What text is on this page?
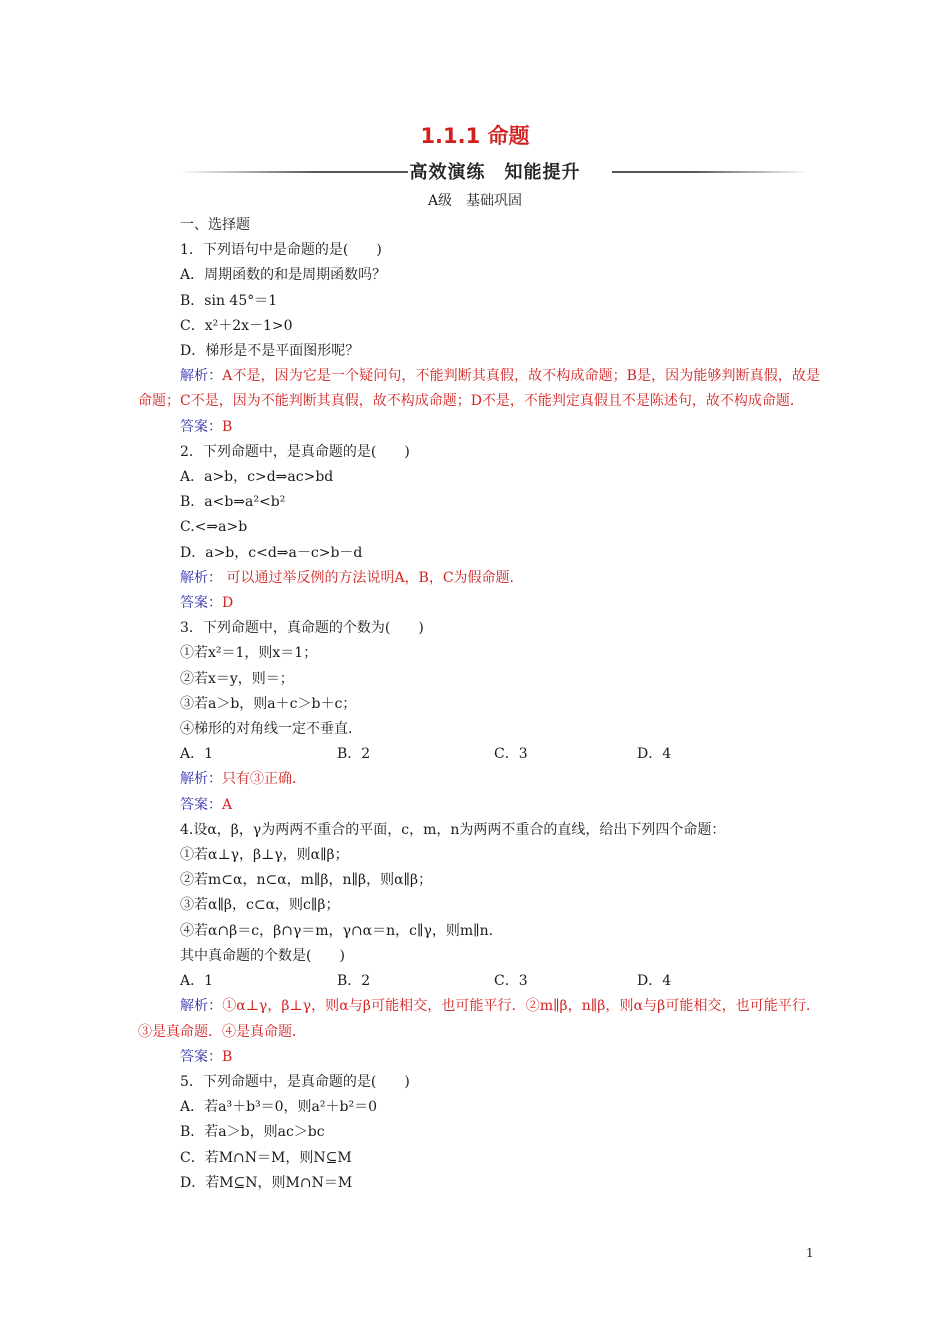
1.1.1 命题
高效演练　知能提升
A级　基础巩固
一、选择题
1．下列语句中是命题的是(　　)
A．周期函数的和是周期函数吗？
B．sin 45°＝1
C．x²＋2x－1>0
D．梯形是不是平面图形呢？
解析：A不是，因为它是一个疑问句，不能判断其真假，故不构成命题；B是，因为能够判断真假，故是命题；C不是，因为不能判断其真假，故不构成命题；D不是，不能判定真假且不是陈述句，故不构成命题．
答案：B
2．下列命题中，是真命题的是(　　)
A．a>b，c>d⇒ac>bd
B．a<b⇒a²<b²
C.<⇒a>b
D．a>b，c<d⇒a－c>b－d
解析： 可以通过举反例的方法说明A，B，C为假命题．
答案：D
3．下列命题中，真命题的个数为(　　)
①若x²＝1，则x＝1；
②若x＝y，则＝；
③若a＞b，则a＋c＞b＋c；
④梯形的对角线一定不垂直．
A．1	B．2	C．3	D．4
解析：只有③正确．
答案：A
4.设α，β，γ为两两不重合的平面，c，m，n为两两不重合的直线，给出下列四个命题：
①若α⊥γ，β⊥γ，则α∥β；
②若m⊂α，n⊂α，m∥β，n∥β，则α∥β；
③若α∥β，c⊂α，则c∥β；
④若α∩β＝c，β∩γ＝m，γ∩α＝n，c∥γ，则m∥n.
其中真命题的个数是(　　)
A．1	B．2	C．3	D．4
解析：①α⊥γ，β⊥γ，则α与β可能相交，也可能平行．②m∥β，n∥β，则α与β可能相交，也可能平行．③是真命题．④是真命题．
答案：B
5．下列命题中，是真命题的是(　　)
A．若a³＋b³＝0，则a²＋b²＝0
B．若a＞b，则ac＞bc
C．若M∩N＝M，则N⊆M
D．若M⊆N，则M∩N＝M
1
